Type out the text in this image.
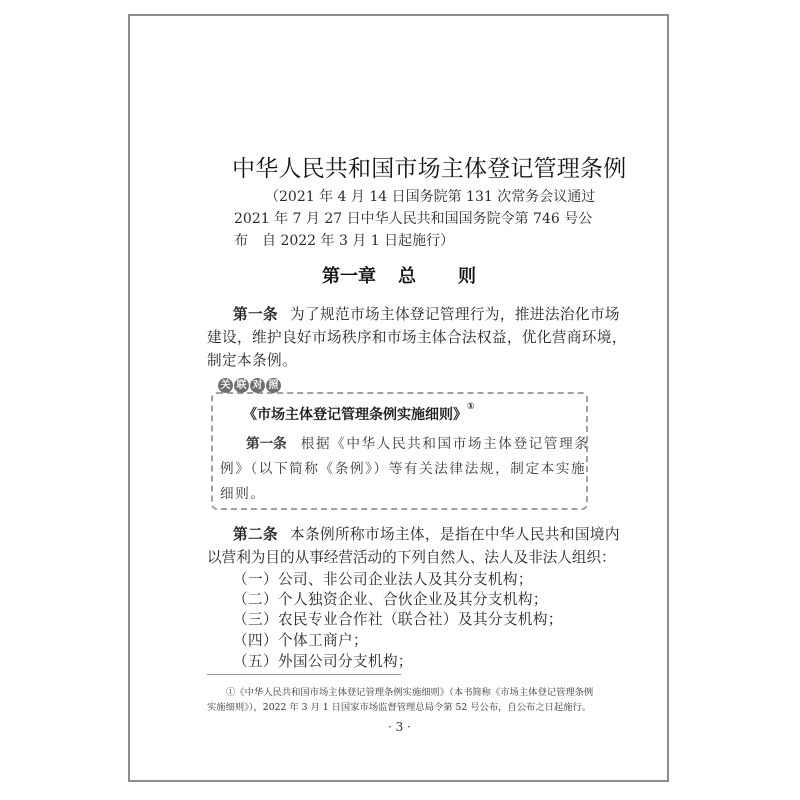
中华人民共和国市场主体登记管理条例
（2021 年 4 月 14 日国务院第 131 次常务会议通过
2021 年 7 月 27 日中华人民共和国国务院令第 746 号公
布　自 2022 年 3 月 1 日起施行）
第一章 总 则
第一条 为了规范市场主体登记管理行为，推进法治化市场
建设，维护良好市场秩序和市场主体合法权益，优化营商环境，
制定本条例。
关 联 对 照
《市场主体登记管理条例实施细则》①
第一条 根据《中华人民共和国市场主体登记管理条
例》（以下简称《条例》）等有关法律法规，制定本实施
细则。
第二条 本条例所称市场主体，是指在中华人民共和国境内
以营利为目的从事经营活动的下列自然人、法人及非法人组织：
（一）公司、非公司企业法人及其分支机构；
（二）个人独资企业、合伙企业及其分支机构；
（三）农民专业合作社（联合社）及其分支机构；
（四）个体工商户；
（五）外国公司分支机构；
①《中华人民共和国市场主体登记管理条例实施细则》（本书简称《市场主体登记管理条例
实施细则》），2022 年 3 月 1 日国家市场监督管理总局令第 52 号公布，自公布之日起施行。
· 3 ·
